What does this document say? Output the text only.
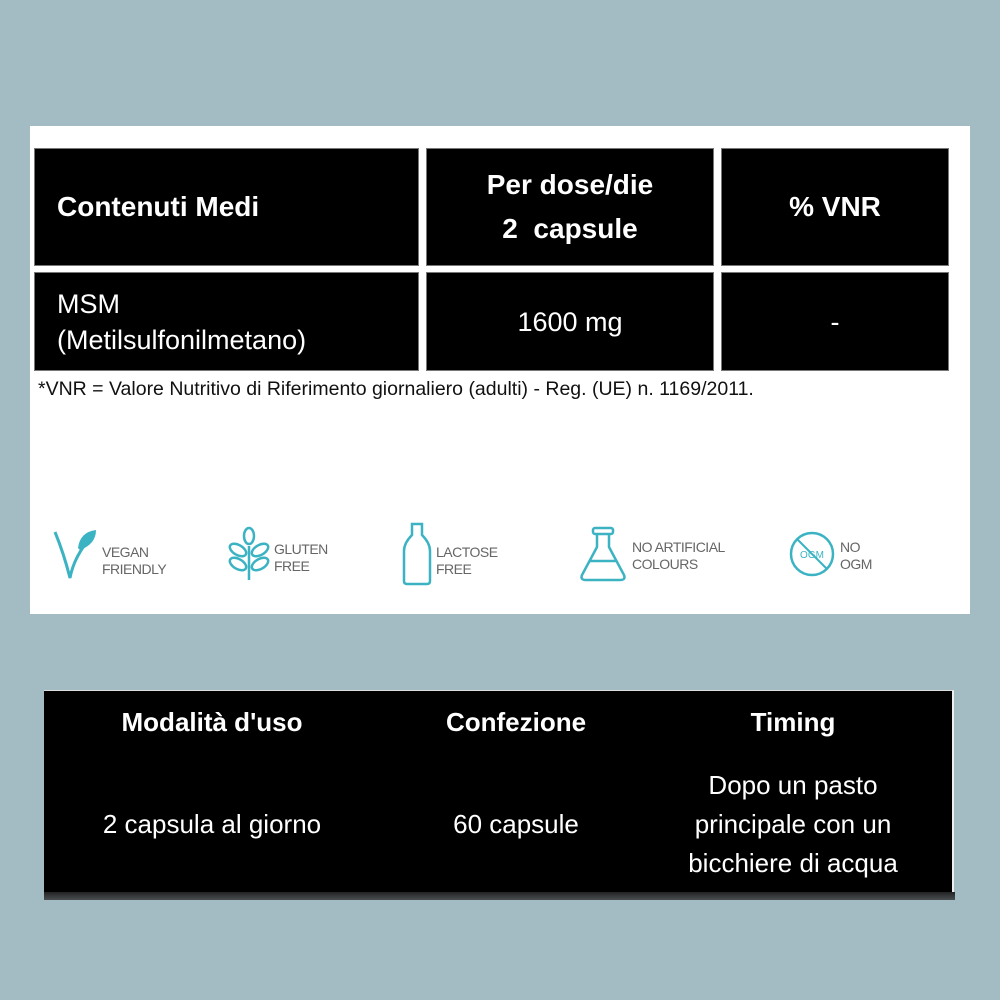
Contenuti Medi
Per dose/die
2  capsule
% VNR
MSM
(Metilsulfonilmetano)
1600 mg	-
*VNR = Valore Nutritivo di Riferimento giornaliero (adulti) - Reg. (UE) n. 1169/2011.
VEGAN
FRIENDLY
GLUTEN
FREE
LACTOSE
FREE
NO ARTIFICIAL
COLOURS
OGM
NO
OGM
Modalità d'uso
2 capsula al giorno
Confezione
60 capsule
Timing
Dopo un pasto
principale con un
bicchiere di acqua
